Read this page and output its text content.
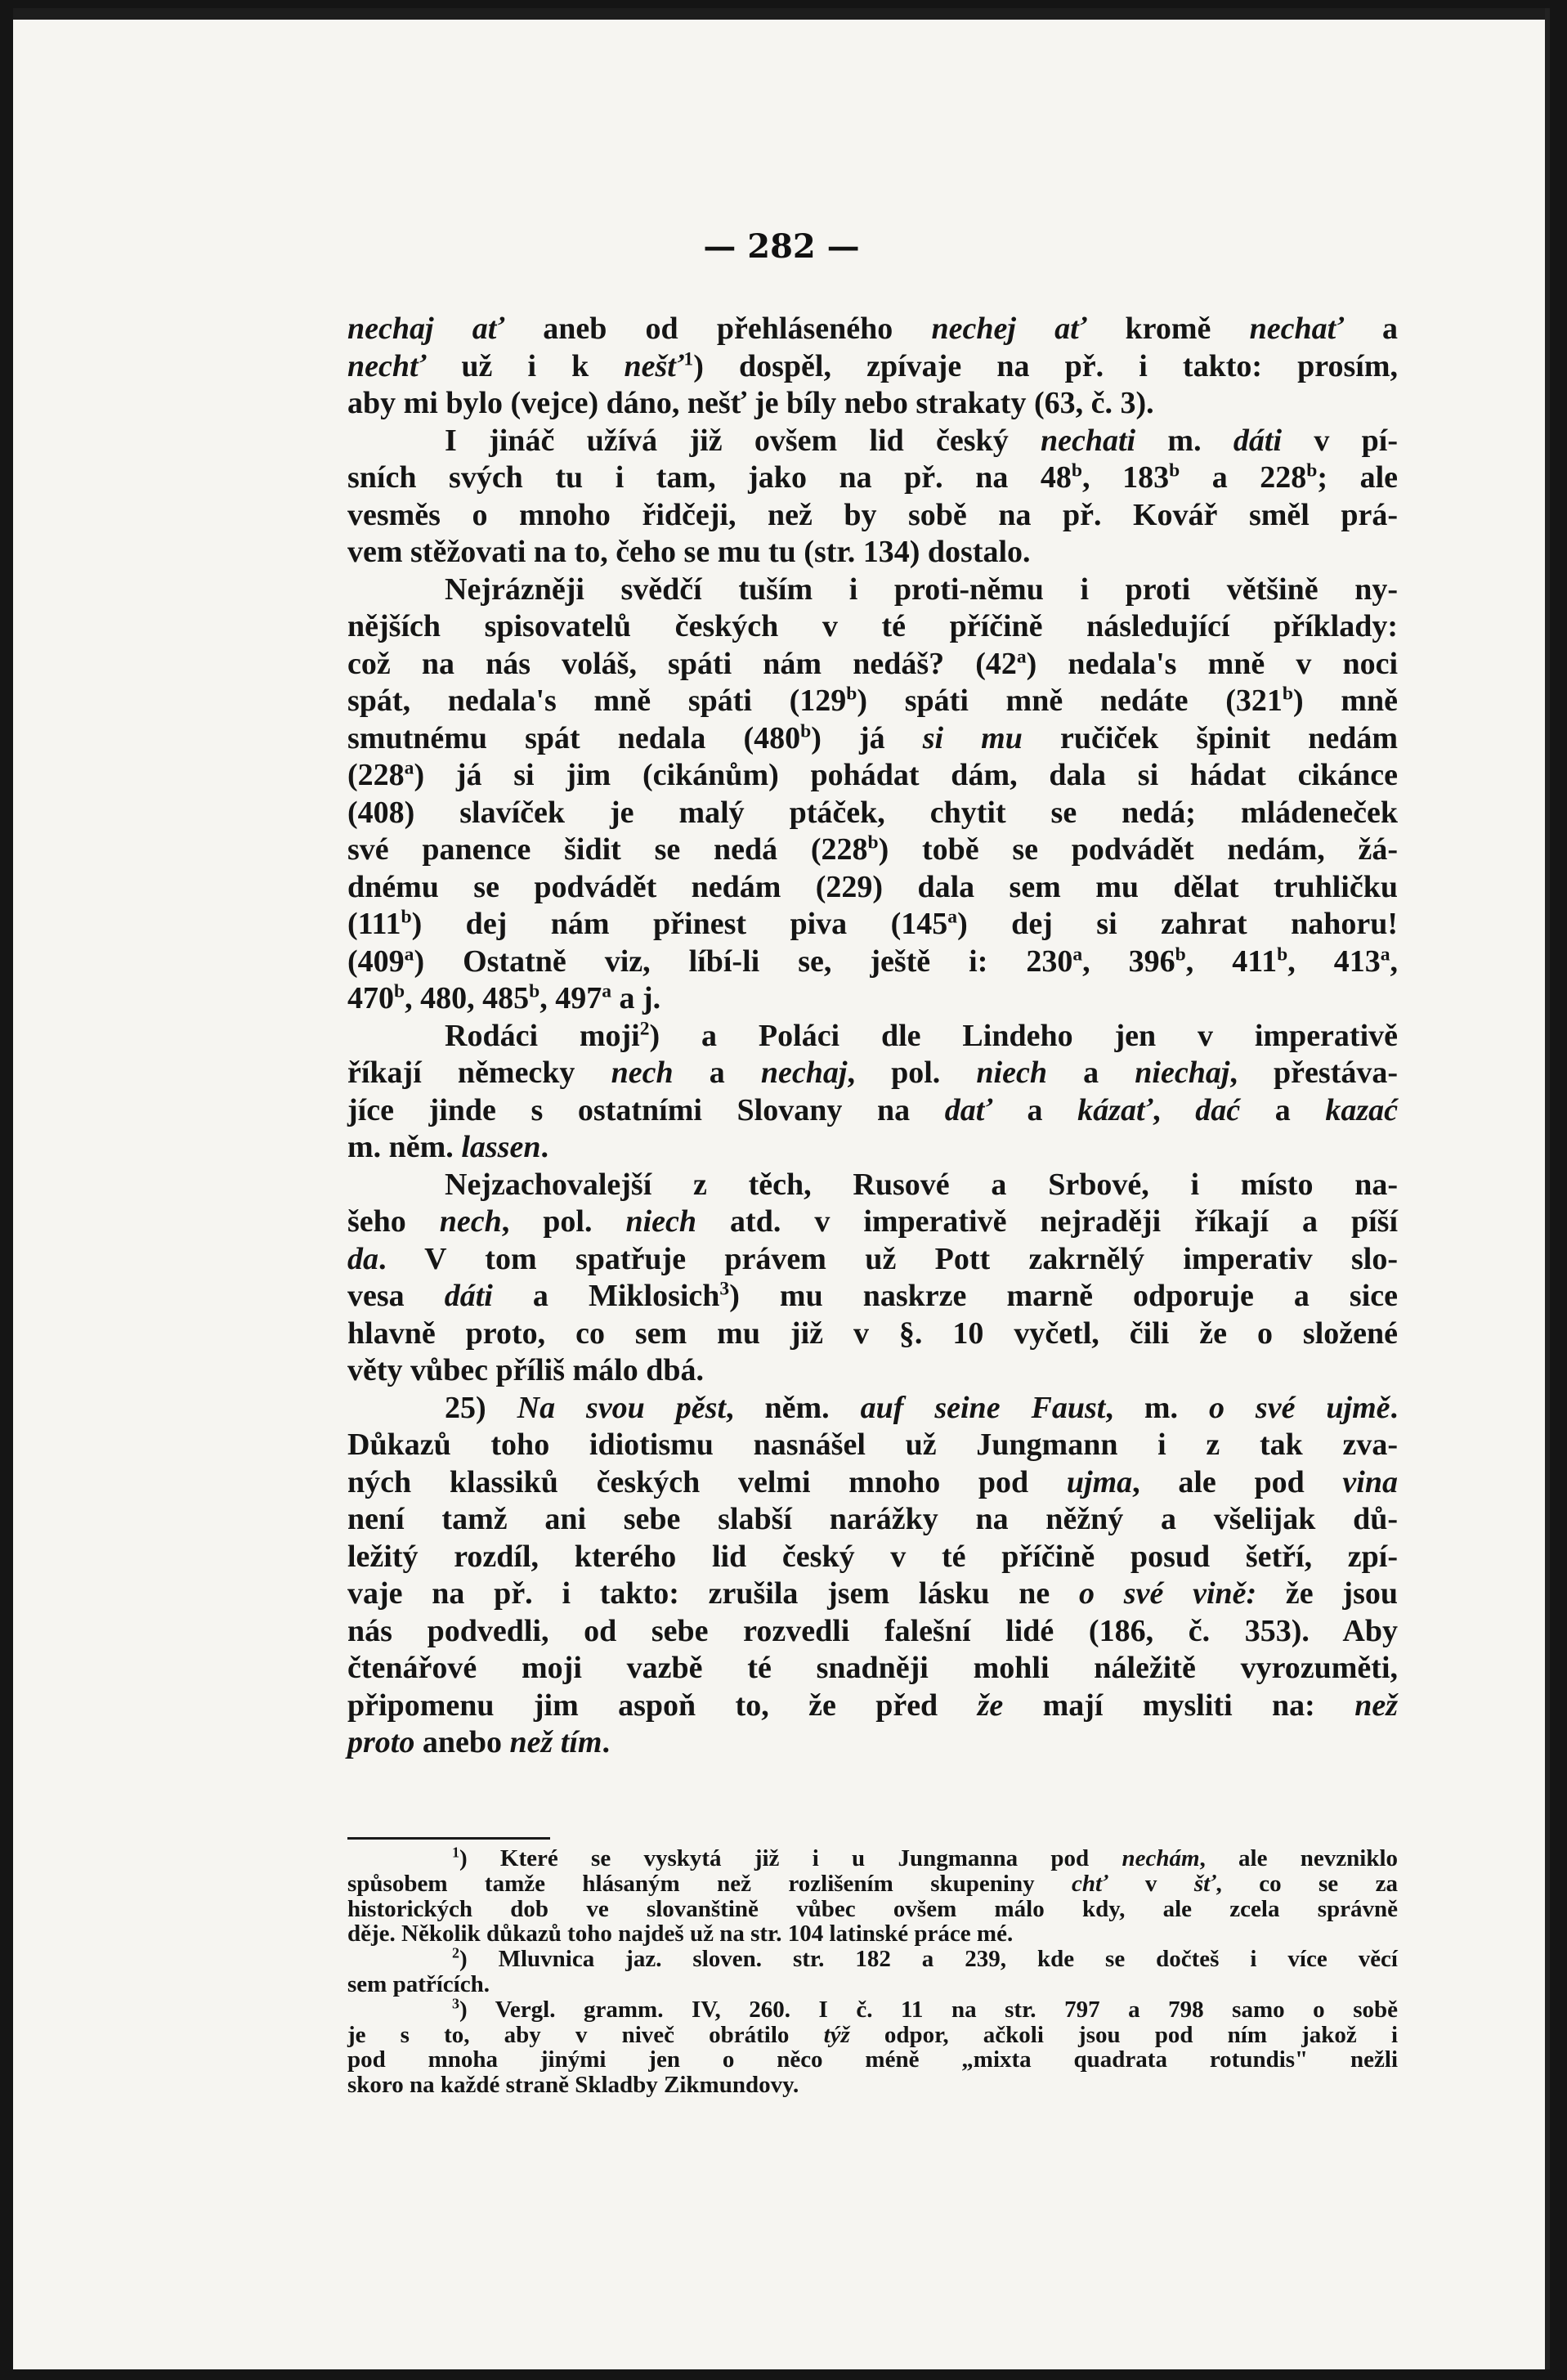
— 282 —
nechaj ať aneb od přehláseného nechej ať kromě nechať a
nechť už i k nešť$^1$) dospěl, zpívaje na př. i takto: prosím,
aby mi bylo (vejce) dáno, nešť je bíly nebo strakaty (63, č. 3).
I jináč užívá již ovšem lid český nechati m. dáti v pí-
sních svých tu i tam, jako na př. na 48$^b$, 183$^b$ a 228$^b$; ale
vesměs o mnoho řidčeji, než by sobě na př. Kovář směl prá-
vem stěžovati na to, čeho se mu tu (str. 134) dostalo.
Nejrázněji svědčí tuším i proti-němu i proti většině ny-
nějších spisovatelů českých v té příčině následující příklady:
což na nás voláš, spáti nám nedáš? (42$^a$) nedala's mně v noci
spát, nedala's mně spáti (129$^b$) spáti mně nedáte (321$^b$) mně
smutnému spát nedala (480$^b$) já si mu ručiček špinit nedám
(228$^a$) já si jim (cikánům) pohádat dám, dala si hádat cikánce
(408) slavíček je malý ptáček, chytit se nedá; mládeneček
své panence šidit se nedá (228$^b$) tobě se podvádět nedám, žá-
dnému se podvádět nedám (229) dala sem mu dělat truhličku
(111$^b$) dej nám přinest piva (145$^a$) dej si zahrat nahoru!
(409$^a$) Ostatně viz, líbí-li se, ještě i: 230$^a$, 396$^b$, 411$^b$, 413$^a$,
470$^b$, 480, 485$^b$, 497$^a$ a j.
Rodáci moji$^2$) a Poláci dle Lindeho jen v imperativě
říkají německy nech a nechaj, pol. niech a niechaj, přestáva-
jíce jinde s ostatními Slovany na dať a kázať, dać a kazać
m. něm. lassen.
Nejzachovalejší z těch, Rusové a Srbové, i místo na-
šeho nech, pol. niech atd. v imperativě nejraději říkají a píší
da. V tom spatřuje právem už Pott zakrnělý imperativ slo-
vesa dáti a Miklosich$^3$) mu naskrze marně odporuje a sice
hlavně proto, co sem mu již v §. 10 vyčetl, čili že o složené
věty vůbec příliš málo dbá.
25) Na svou pěst, něm. auf seine Faust, m. o své ujmě.
Důkazů toho idiotismu nasnášel už Jungmann i z tak zva-
ných klassiků českých velmi mnoho pod ujma, ale pod vina
není tamž ani sebe slabší narážky na něžný a všelijak dů-
ležitý rozdíl, kterého lid český v té příčině posud šetří, zpí-
vaje na př. i takto: zrušila jsem lásku ne o své vině: že jsou
nás podvedli, od sebe rozvedli falešní lidé (186, č. 353). Aby
čtenářové moji vazbě té snadněji mohli náležitě vyrozuměti,
připomenu jim aspoň to, že před že mají mysliti na: než
proto anebo než tím.
$^1$) Které se vyskytá již i u Jungmanna pod nechám, ale nevzniklo
spůsobem tamže hlásaným než rozlišením skupeniny chť v šť, co se za
historických dob ve slovanštině vůbec ovšem málo kdy, ale zcela správně
děje. Několik důkazů toho najdeš už na str. 104 latinské práce mé.
$^2$) Mluvnica jaz. sloven. str. 182 a 239, kde se dočteš i více věcí
sem patřících.
$^3$) Vergl. gramm. IV, 260. I č. 11 na str. 797 a 798 samo o sobě
je s to, aby v niveč obrátilo týž odpor, ačkoli jsou pod ním jakož i
pod mnoha jinými jen o něco méně „mixta quadrata rotundis" nežli
skoro na každé straně Skladby Zikmundovy.
